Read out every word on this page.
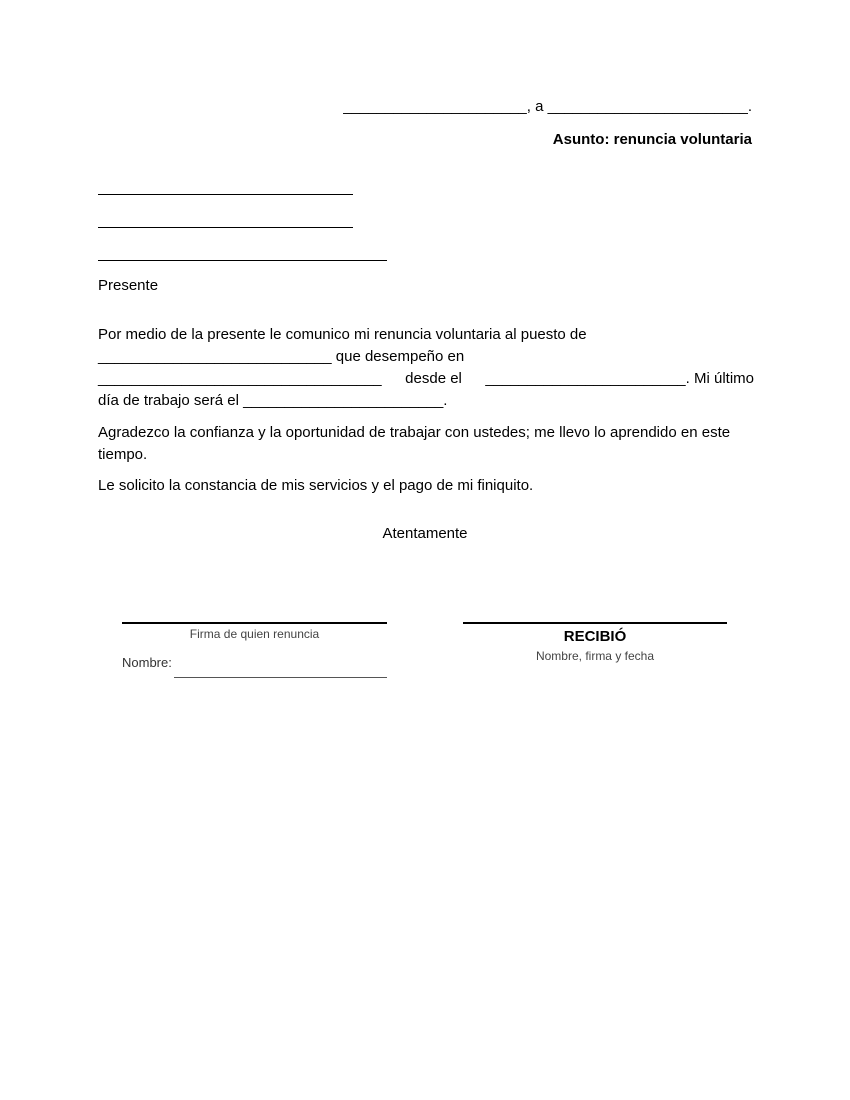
______________________, a ________________________.
Asunto: renuncia voluntaria
Presente
Por medio de la presente le comunico mi renuncia voluntaria al puesto de
____________________________ que desempeño en
__________________________________ desde el ________________________. Mi último
día de trabajo será el ________________________.
Agradezco la confianza y la oportunidad de trabajar con ustedes; me llevo lo aprendido en este tiempo.
Le solicito la constancia de mis servicios y el pago de mi finiquito.
Atentamente
Firma de quien renuncia
Nombre:
RECIBIÓ
Nombre, firma y fecha
